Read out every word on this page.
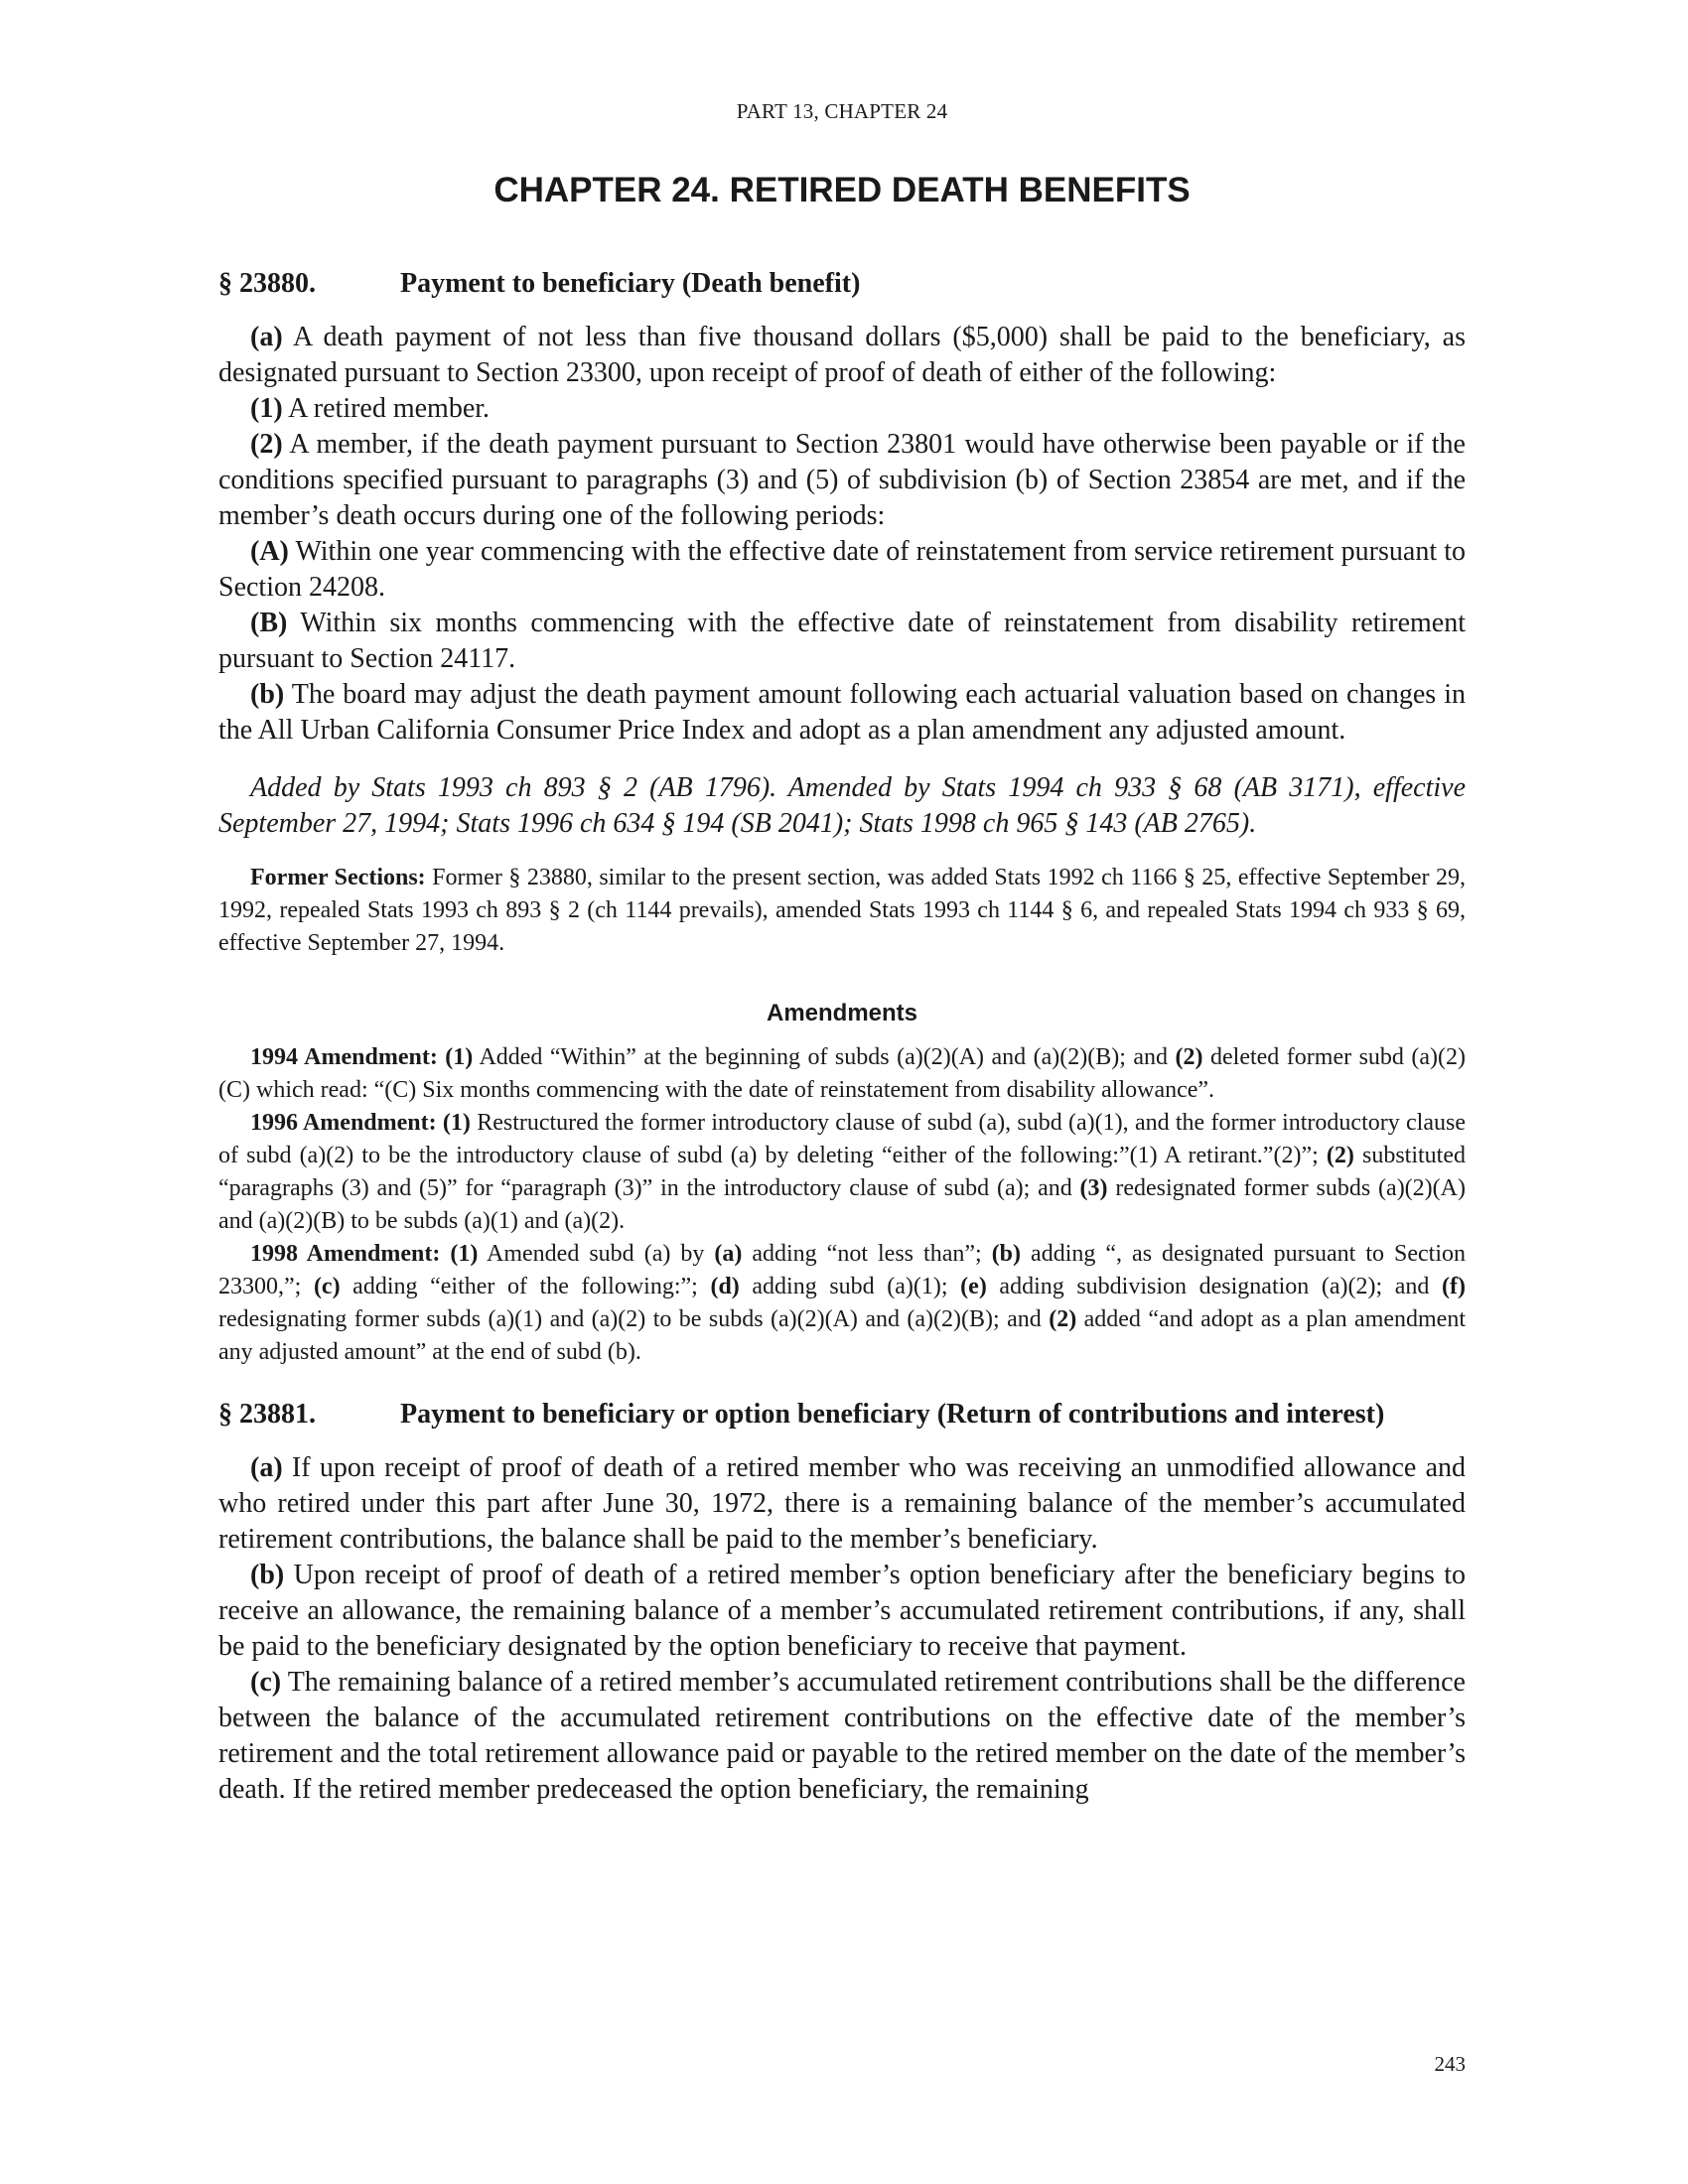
PART 13, CHAPTER 24
CHAPTER 24. RETIRED DEATH BENEFITS
§ 23880.	Payment to beneficiary (Death benefit)

(a) A death payment of not less than five thousand dollars ($5,000) shall be paid to the beneficiary, as designated pursuant to Section 23300, upon receipt of proof of death of either of the following:

(1) A retired member.

(2) A member, if the death payment pursuant to Section 23801 would have otherwise been payable or if the conditions specified pursuant to paragraphs (3) and (5) of subdivision (b) of Section 23854 are met, and if the member’s death occurs during one of the following periods:

(A) Within one year commencing with the effective date of reinstatement from service retirement pursuant to Section 24208.

(B) Within six months commencing with the effective date of reinstatement from disability retirement pursuant to Section 24117.

(b) The board may adjust the death payment amount following each actuarial valuation based on changes in the All Urban California Consumer Price Index and adopt as a plan amendment any adjusted amount.

Added by Stats 1993 ch 893 § 2 (AB 1796). Amended by Stats 1994 ch 933 § 68 (AB 3171), effective September 27, 1994; Stats 1996 ch 634 § 194 (SB 2041); Stats 1998 ch 965 § 143 (AB 2765).

Former Sections: Former § 23880, similar to the present section, was added Stats 1992 ch 1166 § 25, effective September 29, 1992, repealed Stats 1993 ch 893 § 2 (ch 1144 prevails), amended Stats 1993 ch 1144 § 6, and repealed Stats 1994 ch 933 § 69, effective September 27, 1994.

Amendments

1994 Amendment: (1) Added “Within” at the beginning of subds (a)(2)(A) and (a)(2)(B); and (2) deleted former subd (a)(2)(C) which read: “(C) Six months commencing with the date of reinstatement from disability allowance”.

1996 Amendment: (1) Restructured the former introductory clause of subd (a), subd (a)(1), and the former introductory clause of subd (a)(2) to be the introductory clause of subd (a) by deleting “either of the following:”(1) A retirant.”(2)”; (2) substituted “paragraphs (3) and (5)” for “paragraph (3)” in the introductory clause of subd (a); and (3) redesignated former subds (a)(2)(A) and (a)(2)(B) to be subds (a)(1) and (a)(2).

1998 Amendment: (1) Amended subd (a) by (a) adding “not less than”; (b) adding “, as designated pursuant to Section 23300,”; (c) adding “either of the following:”; (d) adding subd (a)(1); (e) adding subdivision designation (a)(2); and (f) redesignating former subds (a)(1) and (a)(2) to be subds (a)(2)(A) and (a)(2)(B); and (2) added “and adopt as a plan amendment any adjusted amount” at the end of subd (b).

§ 23881.	Payment to beneficiary or option beneficiary (Return of contributions and interest)

(a) If upon receipt of proof of death of a retired member who was receiving an unmodified allowance and who retired under this part after June 30, 1972, there is a remaining balance of the member’s accumulated retirement contributions, the balance shall be paid to the member’s beneficiary.

(b) Upon receipt of proof of death of a retired member’s option beneficiary after the beneficiary begins to receive an allowance, the remaining balance of a member’s accumulated retirement contributions, if any, shall be paid to the beneficiary designated by the option beneficiary to receive that payment.

(c) The remaining balance of a retired member’s accumulated retirement contributions shall be the difference between the balance of the accumulated retirement contributions on the effective date of the member’s retirement and the total retirement allowance paid or payable to the retired member on the date of the member’s death. If the retired member predeceased the option beneficiary, the remaining

243
